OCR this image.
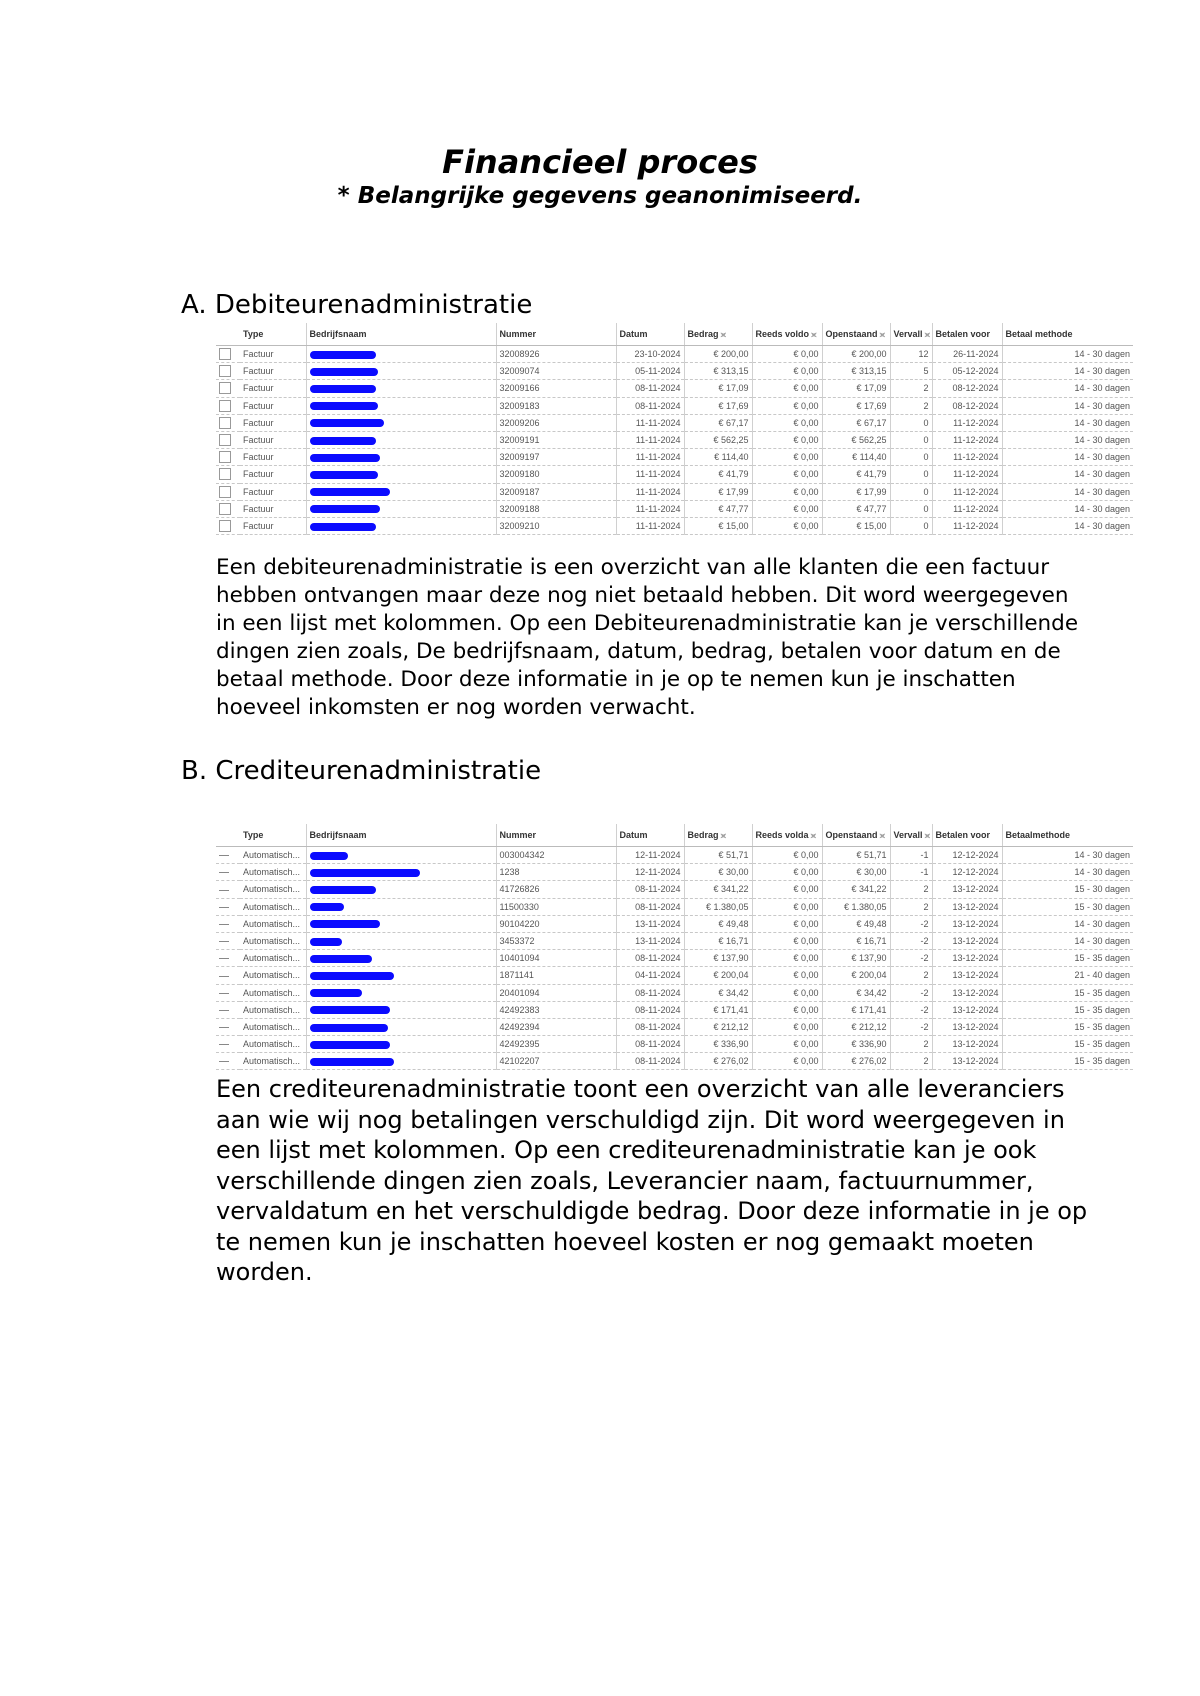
Financieel proces

* Belangrijke gegevens geanonimiseerd.

A. Debiteurenadministratie
	Type	Bedrijfsnaam	Nummer	Datum	Bedrag ⪤	Reeds voldo ⪤	Openstaand ⪤	Vervall ⪤	Betalen voor	Betaal methode
	Factuur		32008926	23-10-2024	€ 200,00	€ 0,00	€ 200,00	12	26-11-2024	14 - 30 dagen
	Factuur		32009074	05-11-2024	€ 313,15	€ 0,00	€ 313,15	5	05-12-2024	14 - 30 dagen
	Factuur		32009166	08-11-2024	€ 17,09	€ 0,00	€ 17,09	2	08-12-2024	14 - 30 dagen
	Factuur		32009183	08-11-2024	€ 17,69	€ 0,00	€ 17,69	2	08-12-2024	14 - 30 dagen
	Factuur		32009206	11-11-2024	€ 67,17	€ 0,00	€ 67,17	0	11-12-2024	14 - 30 dagen
	Factuur		32009191	11-11-2024	€ 562,25	€ 0,00	€ 562,25	0	11-12-2024	14 - 30 dagen
	Factuur		32009197	11-11-2024	€ 114,40	€ 0,00	€ 114,40	0	11-12-2024	14 - 30 dagen
	Factuur		32009180	11-11-2024	€ 41,79	€ 0,00	€ 41,79	0	11-12-2024	14 - 30 dagen
	Factuur		32009187	11-11-2024	€ 17,99	€ 0,00	€ 17,99	0	11-12-2024	14 - 30 dagen
	Factuur		32009188	11-11-2024	€ 47,77	€ 0,00	€ 47,77	0	11-12-2024	14 - 30 dagen
	Factuur		32009210	11-11-2024	€ 15,00	€ 0,00	€ 15,00	0	11-12-2024	14 - 30 dagen

Een debiteurenadministratie is een overzicht van alle klanten die een factuur hebben ontvangen maar deze nog niet betaald hebben. Dit word weergegeven in een lijst met kolommen. Op een Debiteurenadministratie kan je verschillende dingen zien zoals, De bedrijfsnaam, datum, bedrag, betalen voor datum en de betaal methode. Door deze informatie in je op te nemen kun je inschatten hoeveel inkomsten er nog worden verwacht.

B. Crediteurenadministratie
	Type	Bedrijfsnaam	Nummer	Datum	Bedrag ⪤	Reeds volda ⪤	Openstaand ⪤	Vervall ⪤	Betalen voor	Betaalmethode
	Automatisch...		003004342	12-11-2024	€ 51,71	€ 0,00	€ 51,71	-1	12-12-2024	14 - 30 dagen
	Automatisch...		1238	12-11-2024	€ 30,00	€ 0,00	€ 30,00	-1	12-12-2024	14 - 30 dagen
	Automatisch...		41726826	08-11-2024	€ 341,22	€ 0,00	€ 341,22	2	13-12-2024	15 - 30 dagen
	Automatisch...		11500330	08-11-2024	€ 1.380,05	€ 0,00	€ 1.380,05	2	13-12-2024	15 - 30 dagen
	Automatisch...		90104220	13-11-2024	€ 49,48	€ 0,00	€ 49,48	-2	13-12-2024	14 - 30 dagen
	Automatisch...		3453372	13-11-2024	€ 16,71	€ 0,00	€ 16,71	-2	13-12-2024	14 - 30 dagen
	Automatisch...		10401094	08-11-2024	€ 137,90	€ 0,00	€ 137,90	-2	13-12-2024	15 - 35 dagen
	Automatisch...		1871141	04-11-2024	€ 200,04	€ 0,00	€ 200,04	2	13-12-2024	21 - 40 dagen
	Automatisch...		20401094	08-11-2024	€ 34,42	€ 0,00	€ 34,42	-2	13-12-2024	15 - 35 dagen
	Automatisch...		42492383	08-11-2024	€ 171,41	€ 0,00	€ 171,41	-2	13-12-2024	15 - 35 dagen
	Automatisch...		42492394	08-11-2024	€ 212,12	€ 0,00	€ 212,12	-2	13-12-2024	15 - 35 dagen
	Automatisch...		42492395	08-11-2024	€ 336,90	€ 0,00	€ 336,90	2	13-12-2024	15 - 35 dagen
	Automatisch...		42102207	08-11-2024	€ 276,02	€ 0,00	€ 276,02	2	13-12-2024	15 - 35 dagen

Een crediteurenadministratie toont een overzicht van alle leveranciers aan wie wij nog betalingen verschuldigd zijn. Dit word weergegeven in een lijst met kolommen. Op een crediteurenadministratie kan je ook verschillende dingen zien zoals, Leverancier naam, factuurnummer, vervaldatum en het verschuldigde bedrag. Door deze informatie in je op te nemen kun je inschatten hoeveel kosten er nog gemaakt moeten worden.
